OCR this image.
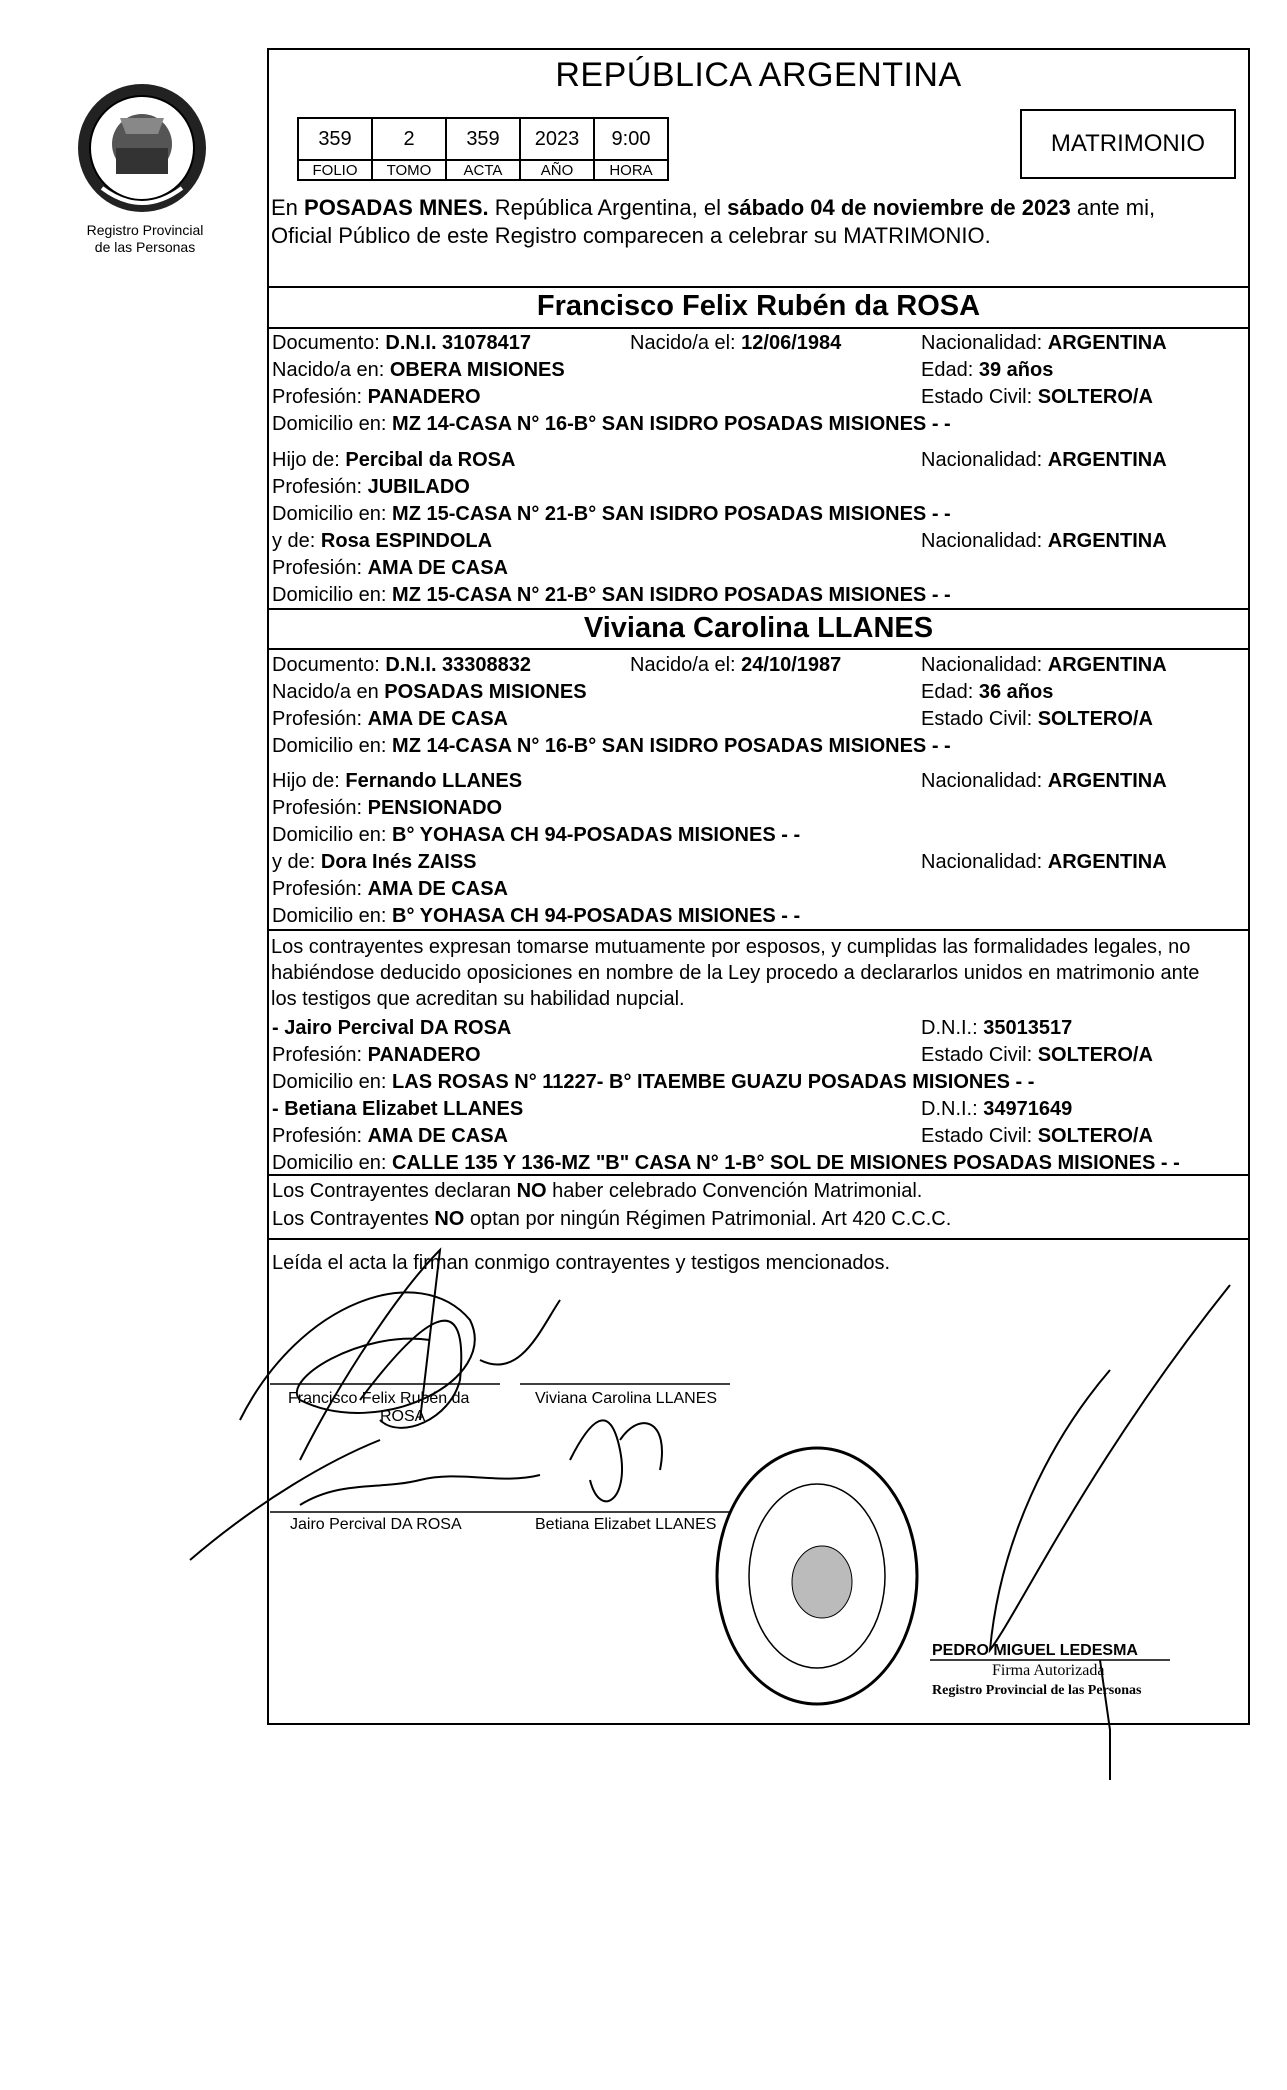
Registro Provincial
de las Personas
REPÚBLICA ARGENTINA
359	2	359	2023	9:00
FOLIO	TOMO	ACTA	AÑO	HORA
MATRIMONIO
En POSADAS MNES. República Argentina, el sábado 04 de noviembre de 2023 ante mi,
Oficial Público de este Registro comparecen a celebrar su MATRIMONIO.
Francisco Felix Rubén da ROSA
Documento: D.N.I. 31078417	Nacido/a el: 12/06/1984	Nacionalidad: ARGENTINA
Nacido/a en: OBERA MISIONES	Edad: 39 años
Profesión: PANADERO	Estado Civil: SOLTERO/A
Domicilio en: MZ 14-CASA N° 16-B° SAN ISIDRO POSADAS MISIONES - -
Hijo de: Percibal da ROSA	Nacionalidad: ARGENTINA
Profesión: JUBILADO
Domicilio en: MZ 15-CASA N° 21-B° SAN ISIDRO POSADAS MISIONES - -
y de: Rosa ESPINDOLA	Nacionalidad: ARGENTINA
Profesión: AMA DE CASA
Domicilio en: MZ 15-CASA N° 21-B° SAN ISIDRO POSADAS MISIONES - -
Viviana Carolina LLANES
Documento: D.N.I. 33308832	Nacido/a el: 24/10/1987	Nacionalidad: ARGENTINA
Nacido/a en POSADAS MISIONES	Edad: 36 años
Profesión: AMA DE CASA	Estado Civil: SOLTERO/A
Domicilio en: MZ 14-CASA N° 16-B° SAN ISIDRO POSADAS MISIONES - -
Hijo de: Fernando LLANES	Nacionalidad: ARGENTINA
Profesión: PENSIONADO
Domicilio en: B° YOHASA CH 94-POSADAS MISIONES - -
y de: Dora Inés ZAISS	Nacionalidad: ARGENTINA
Profesión: AMA DE CASA
Domicilio en: B° YOHASA CH 94-POSADAS MISIONES - -
Los contrayentes expresan tomarse mutuamente por esposos, y cumplidas las formalidades legales, no
habiéndose deducido oposiciones en nombre de la Ley procedo a declararlos unidos en matrimonio ante
los testigos que acreditan su habilidad nupcial.
- Jairo Percival DA ROSA	D.N.I.: 35013517
Profesión: PANADERO	Estado Civil: SOLTERO/A
Domicilio en: LAS ROSAS N° 11227- B° ITAEMBE GUAZU POSADAS MISIONES - -
- Betiana Elizabet LLANES	D.N.I.: 34971649
Profesión: AMA DE CASA	Estado Civil: SOLTERO/A
Domicilio en: CALLE 135 Y 136-MZ "B" CASA N° 1-B° SOL DE MISIONES POSADAS MISIONES - -
Los Contrayentes declaran NO haber celebrado Convención Matrimonial.
Los Contrayentes NO optan por ningún Régimen Patrimonial. Art 420 C.C.C.
Leída el acta la firman conmigo contrayentes y testigos mencionados.
Francisco Felix Rubén da
ROSA
Viviana Carolina LLANES
Jairo Percival DA ROSA	Betiana Elizabet LLANES
PEDRO MIGUEL LEDESMA
Firma Autorizada
Registro Provincial de las Personas
